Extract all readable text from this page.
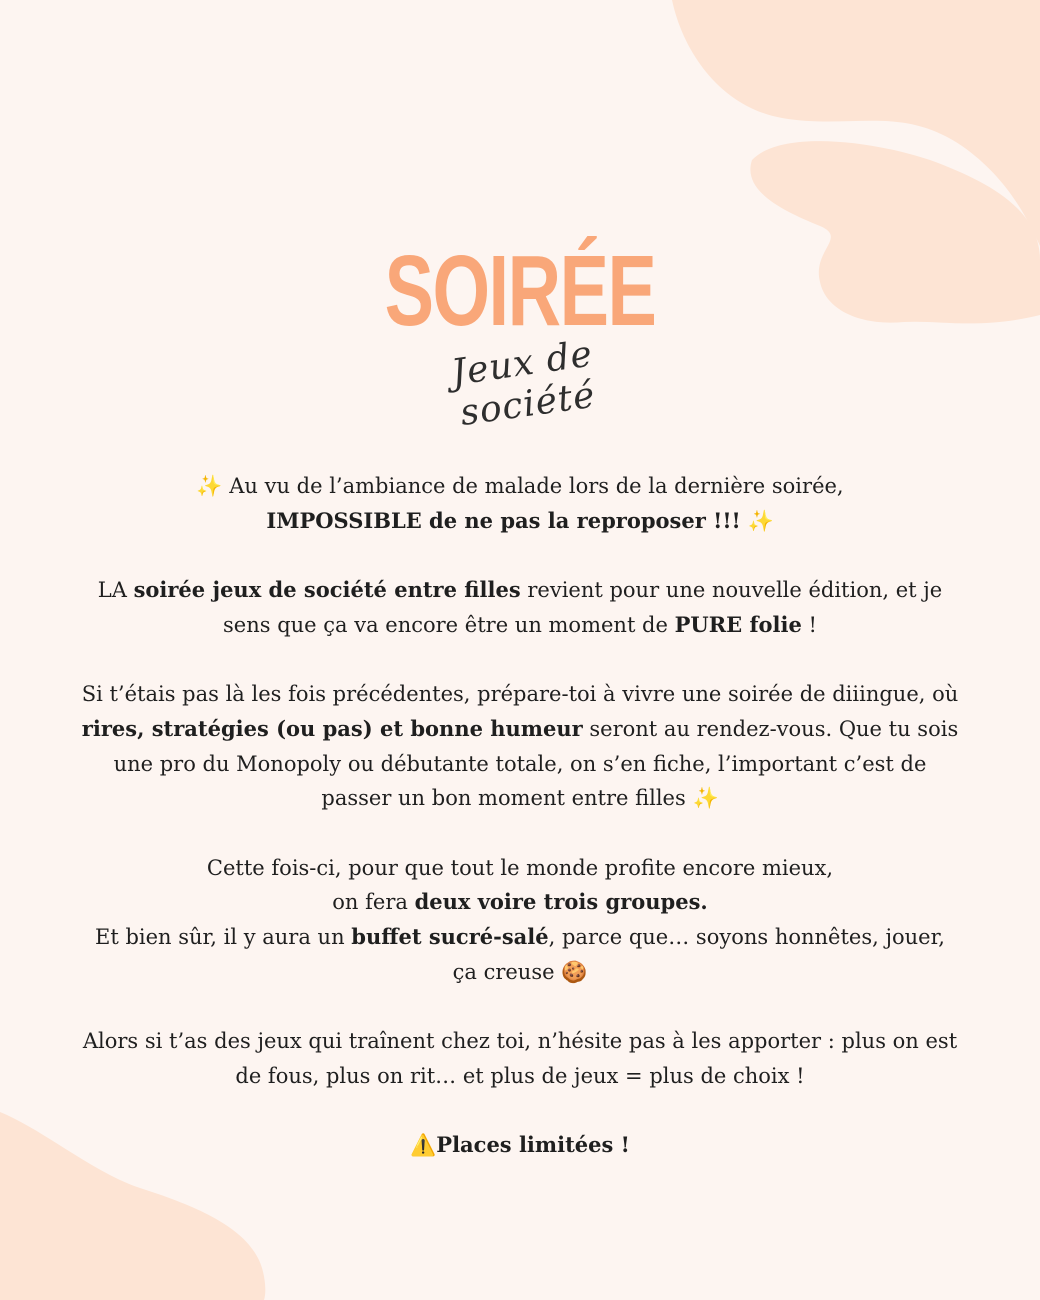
SOIRÉE
Jeux de société

✨ Au vu de l’ambiance de malade lors de la dernière soirée,
IMPOSSIBLE de ne pas la reproposer !!! ✨

LA soirée jeux de société entre filles revient pour une nouvelle édition, et je sens que ça va encore être un moment de PURE folie !

Si t’étais pas là les fois précédentes, prépare-toi à vivre une soirée de diiingue, où rires, stratégies (ou pas) et bonne humeur seront au rendez-vous. Que tu sois une pro du Monopoly ou débutante totale, on s’en fiche, l’important c’est de passer un bon moment entre filles ✨

Cette fois-ci, pour que tout le monde profite encore mieux,
on fera deux voire trois groupes.
Et bien sûr, il y aura un buffet sucré-salé, parce que… soyons honnêtes, jouer, ça creuse 🍪

Alors si t’as des jeux qui traînent chez toi, n’hésite pas à les apporter : plus on est de fous, plus on rit… et plus de jeux = plus de choix !

⚠️Places limitées !
